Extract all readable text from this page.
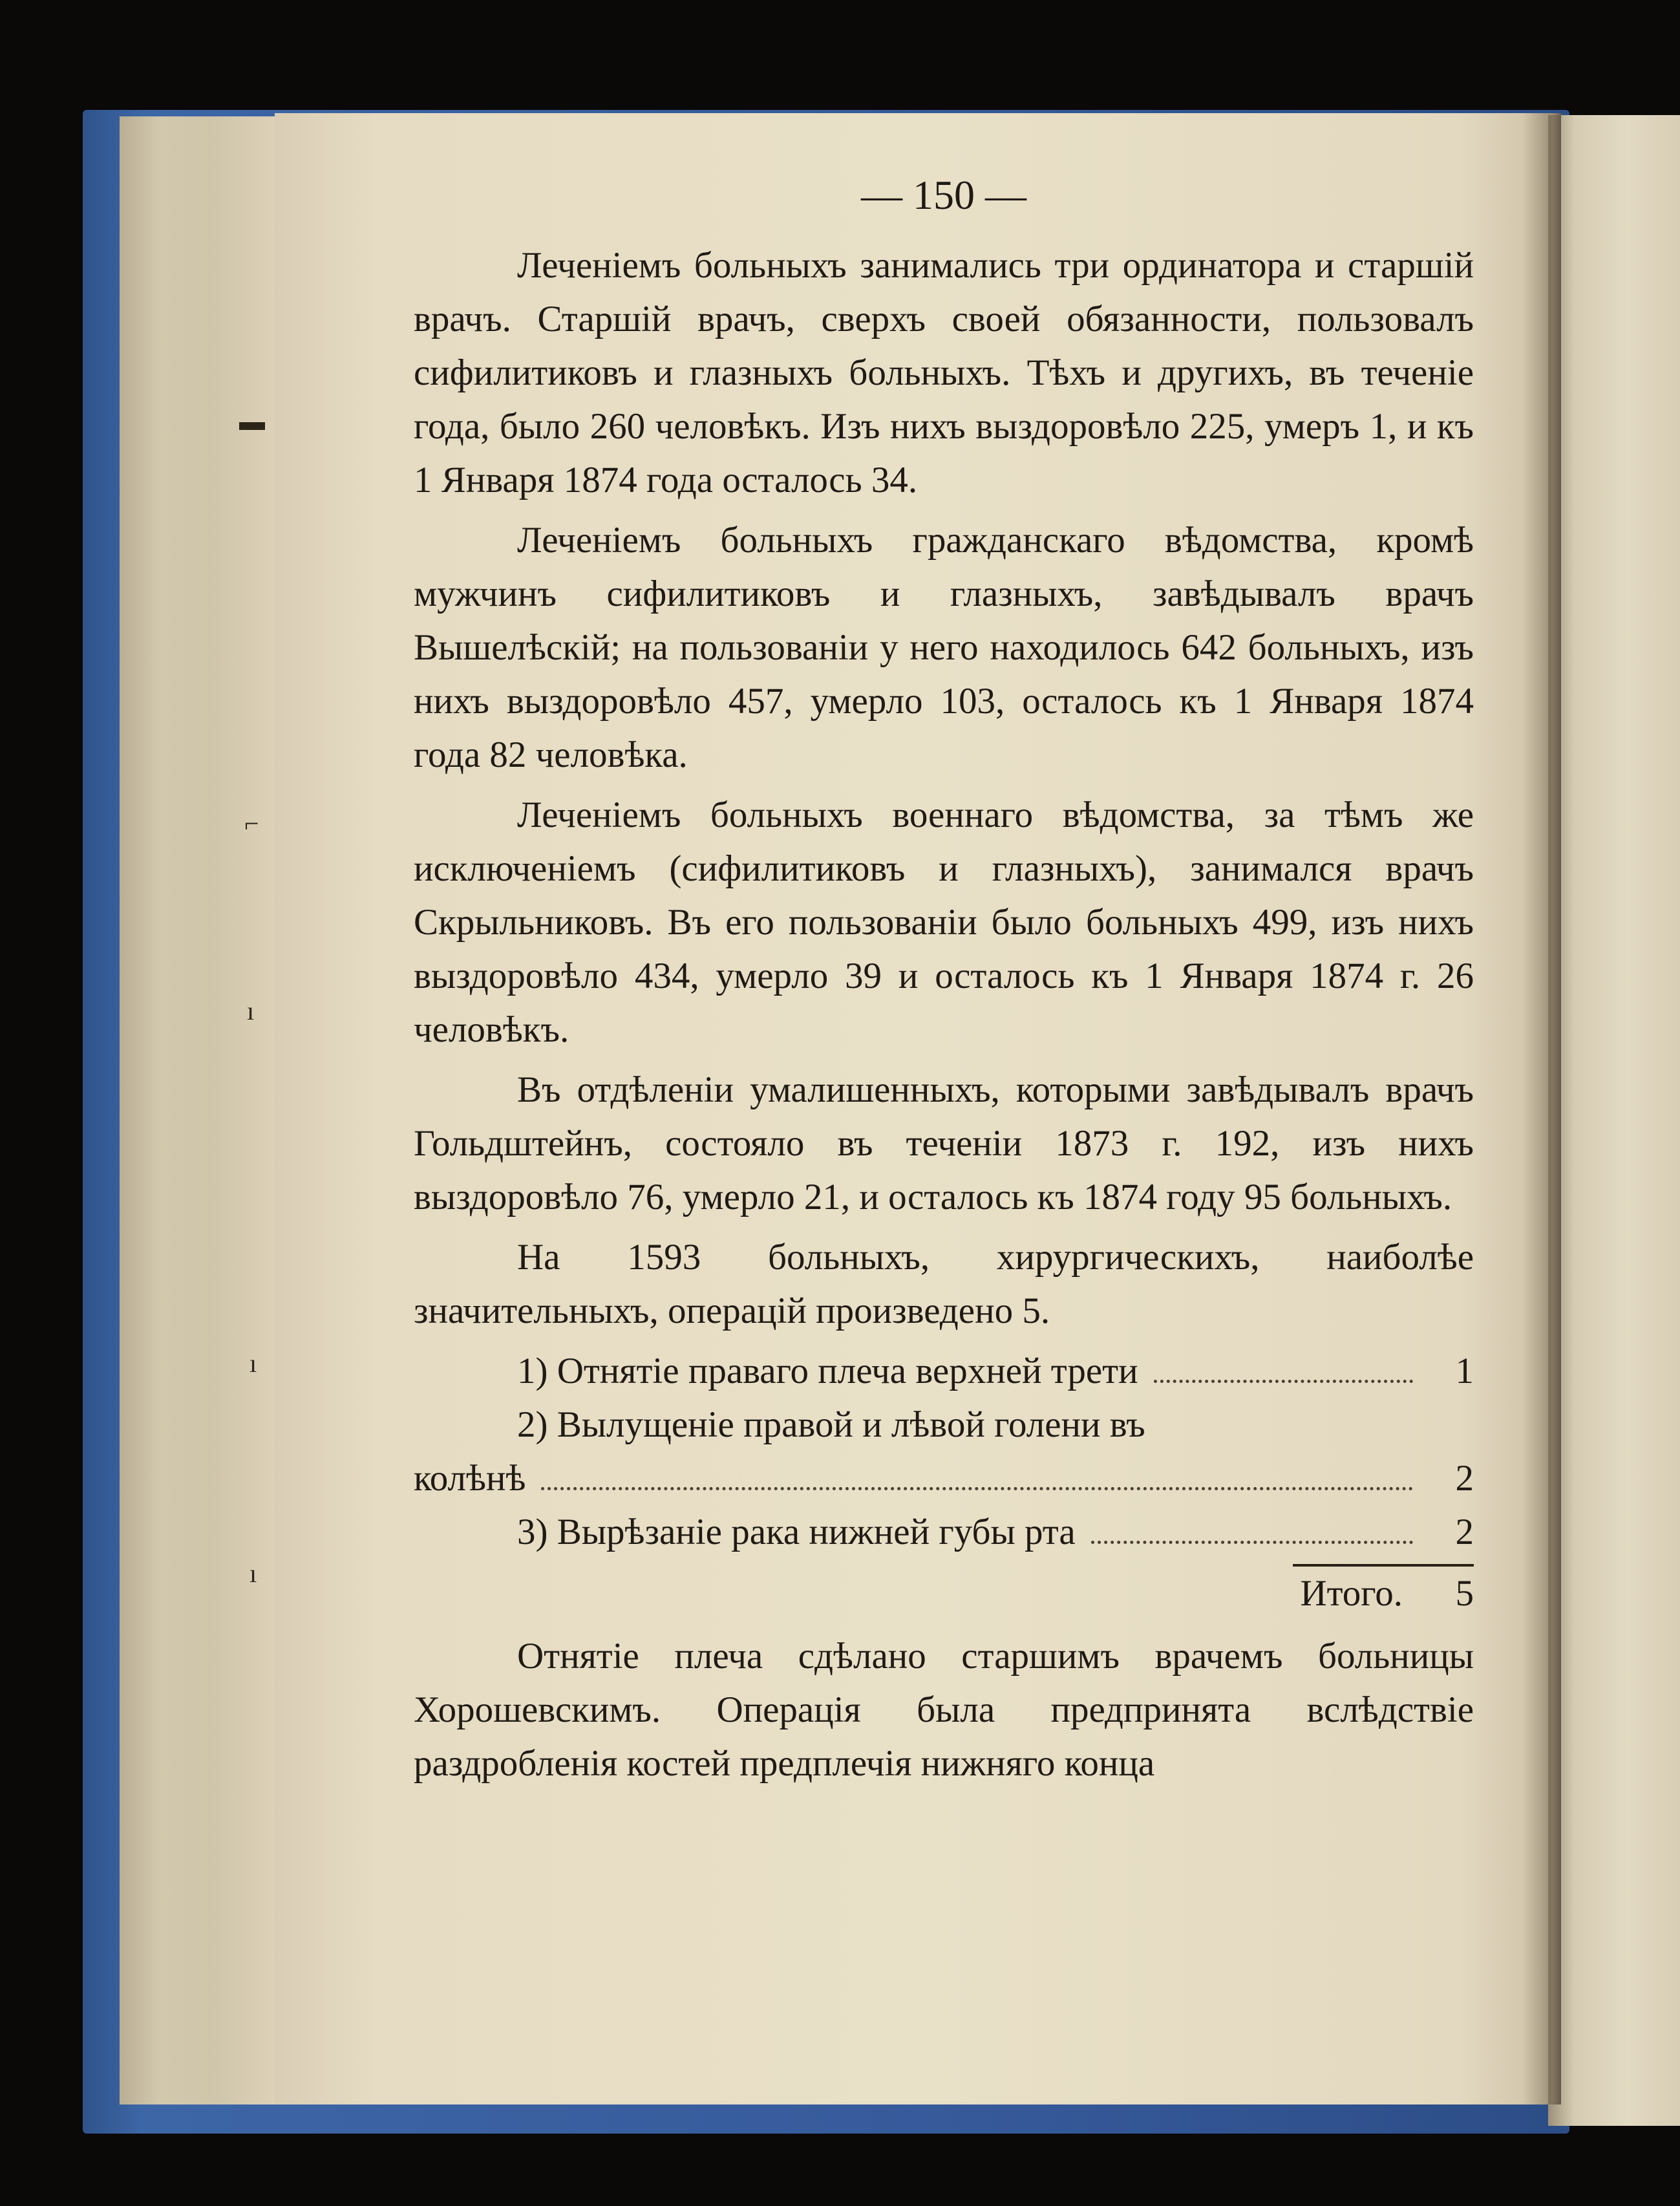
▬
⌐
ı
ı
ı
— 150 —

Леченіемъ больныхъ занимались три ординатора и старшій врачъ. Старшій врачъ, сверхъ своей обязанности, пользовалъ сифилитиковъ и глазныхъ больныхъ. Тѣхъ и другихъ, въ теченіе года, было 260 человѣкъ. Изъ нихъ выздоровѣло 225, умеръ 1, и къ 1 Января 1874 года осталось 34.

Леченіемъ больныхъ гражданскаго вѣдомства, кромѣ мужчинъ сифилитиковъ и глазныхъ, завѣдывалъ врачъ Вышелѣскій; на пользованіи у него находилось 642 больныхъ, изъ нихъ выздоровѣло 457, умерло 103, осталось къ 1 Января 1874 года 82 человѣка.

Леченіемъ больныхъ военнаго вѣдомства, за тѣмъ же исключеніемъ (сифилитиковъ и глазныхъ), занимался врачъ Скрыльниковъ. Въ его пользованіи было больныхъ 499, изъ нихъ выздоровѣло 434, умерло 39 и осталось къ 1 Января 1874 г. 26 человѣкъ.

Въ отдѣленіи умалишенныхъ, которыми завѣдывалъ врачъ Гольдштейнъ, состояло въ теченіи 1873 г. 192, изъ нихъ выздоровѣло 76, умерло 21, и осталось къ 1874 году 95 больныхъ.

На 1593 больныхъ, хирургическихъ, наиболѣе значительныхъ, операцій произведено 5.

1) Отнятіе праваго плеча верхней трети	1
2) Вылущеніе правой и лѣвой голени въ
колѣнѣ	2
3) Вырѣзаніе рака нижней губы рта	2
Итого.	5

Отнятіе плеча сдѣлано старшимъ врачемъ больницы Хорошевскимъ. Операція была предпринята вслѣдствіе раздробленія костей предплечія нижняго конца
